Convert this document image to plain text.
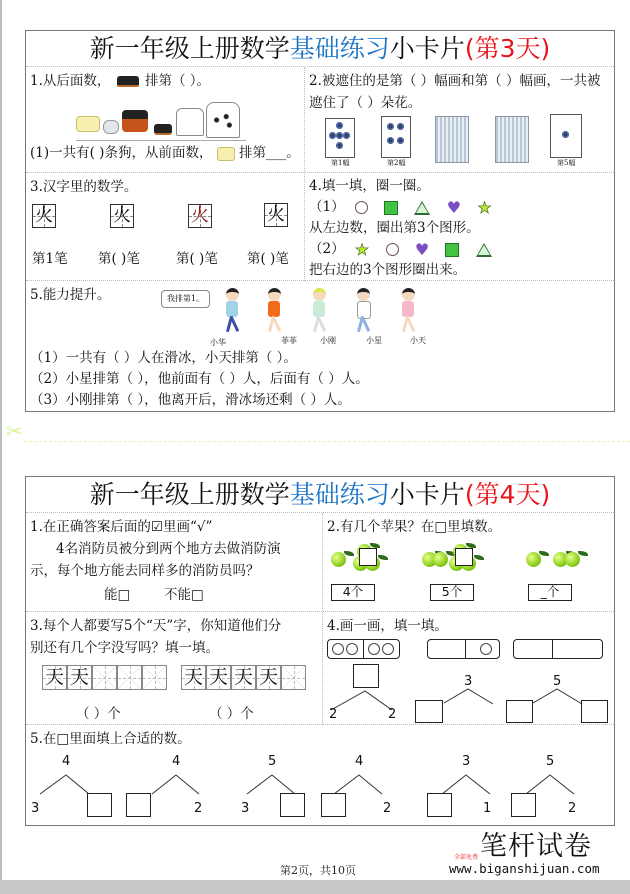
新一年级上册数学基础练习小卡片(第3天)
1.从后面数，	排第（ ）。
(1)一共有( )条狗，从前面数， 排第___。
2.被遮住的是第（ ）幅画和第（ ）幅画，一共被遮住了（ ）朵花。
第1幅	第2幅	第5幅
3.汉字里的数学。
火	火	火	火
第1笔 第( )笔	第( )笔 第( )笔
4.填一填，圈一圈。
（1）	♥ ★
从左边数，圈出第3个图形。
（2） ★	♥
把右边的3个图形圈出来。
5.能力提升。	我排第1。
小华	菲菲	小刚	小星	小天
（1）一共有（ ）人在滑冰，小天排第（ ）。
（2）小星排第（ ），他前面有（ ）人，后面有（ ）人。
（3）小刚排第（ ），他离开后，滑冰场还剩（ ）人。
✂
新一年级上册数学基础练习小卡片(第4天)
1.在正确答案后面的☑里画“√”
4名消防员被分到两个地方去做消防演
示，每个地方能去同样多的消防员吗？
能□ 不能□
2.有几个苹果？在□里填数。
4个	5个	_个
3.每个人都要写5个“天”字，你知道他们分
别还有几个字没写吗？填一填。
天 天	天 天 天 天
（ ）个	（ ）个
4.画一画，填一填。
2	2
3	5
5.在□里面填上合适的数。
4
3
4
2
5
3
4
2
3
1
5
2
第2页，共10页
全部免费 笔杆试卷
www.biganshijuan.com
